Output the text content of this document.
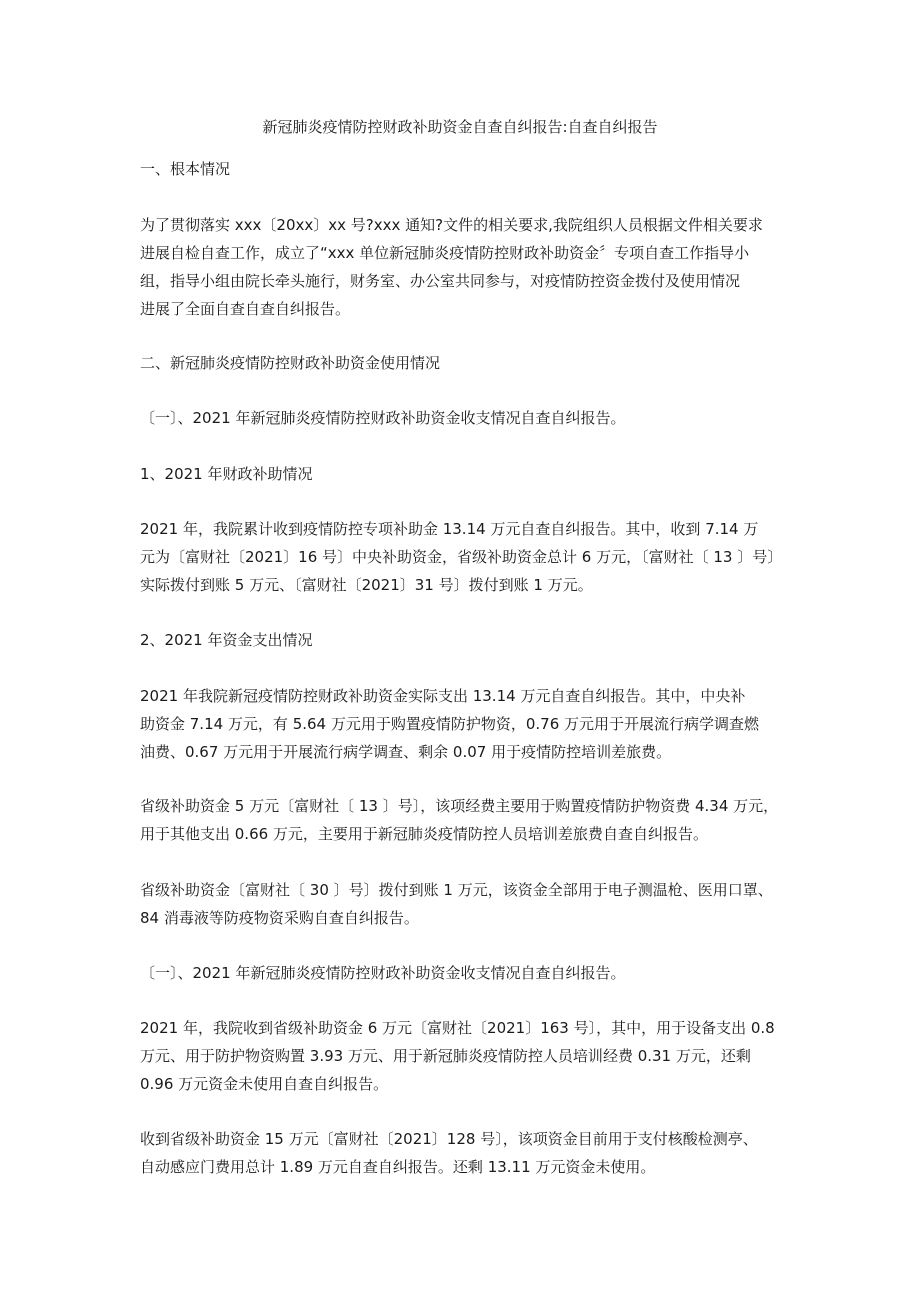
新冠肺炎疫情防控财政补助资金自查自纠报告:自查自纠报告
一、根本情况
为了贯彻落实 xxx〔20xx〕xx 号?xxx 通知?文件的相关要求,我院组织人员根据文件相关要求
进展自检自查工作，成立了“xxx 单位新冠肺炎疫情防控财政补助资金〞专项自查工作指导小
组，指导小组由院长牵头施行，财务室、办公室共同参与，对疫情防控资金拨付及使用情况
进展了全面自查自查自纠报告。
二、新冠肺炎疫情防控财政补助资金使用情况
〔一〕、2021 年新冠肺炎疫情防控财政补助资金收支情况自查自纠报告。
1、2021 年财政补助情况
2021 年，我院累计收到疫情防控专项补助金 13.14 万元自查自纠报告。其中，收到 7.14 万
元为〔富财社〔2021〕16 号〕中央补助资金，省级补助资金总计 6 万元，〔富财社〔 13 〕号〕
实际拨付到账 5 万元、〔富财社〔2021〕31 号〕拨付到账 1 万元。
2、2021 年资金支出情况
2021 年我院新冠疫情防控财政补助资金实际支出 13.14 万元自查自纠报告。其中，中央补
助资金 7.14 万元，有 5.64 万元用于购置疫情防护物资，0.76 万元用于开展流行病学调查燃
油费、0.67 万元用于开展流行病学调查、剩余 0.07 用于疫情防控培训差旅费。
省级补助资金 5 万元〔富财社〔 13 〕号〕，该项经费主要用于购置疫情防护物资费 4.34 万元，
用于其他支出 0.66 万元，主要用于新冠肺炎疫情防控人员培训差旅费自查自纠报告。
省级补助资金〔富财社〔 30 〕号〕拨付到账 1 万元，该资金全部用于电子测温枪、医用口罩、
84 消毒液等防疫物资采购自查自纠报告。
〔一〕、2021 年新冠肺炎疫情防控财政补助资金收支情况自查自纠报告。
2021 年，我院收到省级补助资金 6 万元〔富财社〔2021〕163 号〕，其中，用于设备支出 0.8
万元、用于防护物资购置 3.93 万元、用于新冠肺炎疫情防控人员培训经费 0.31 万元，还剩
0.96 万元资金未使用自查自纠报告。
收到省级补助资金 15 万元〔富财社〔2021〕128 号〕，该项资金目前用于支付核酸检测亭、
自动感应门费用总计 1.89 万元自查自纠报告。还剩 13.11 万元资金未使用。
